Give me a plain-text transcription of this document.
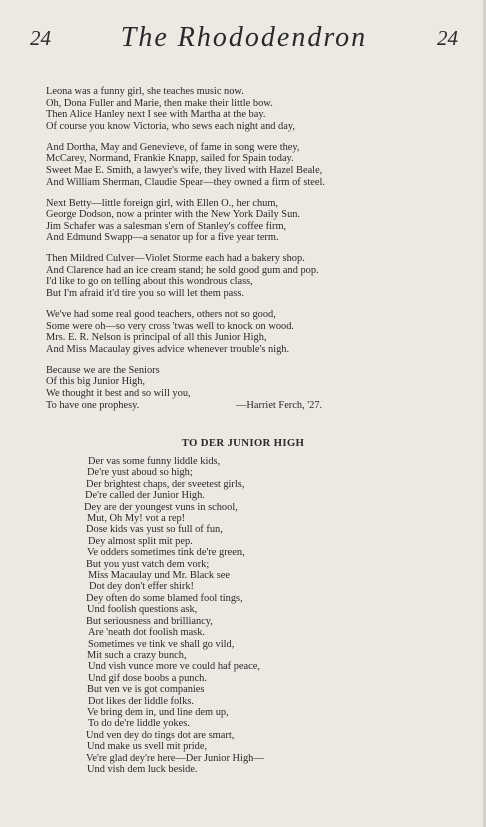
24	The Rhododendron	24
Leona was a funny girl, she teaches music now.
Oh, Dona Fuller and Marie, then make their little bow.
Then Alice Hanley next I see with Martha at the bay.
Of course you know Victoria, who sews each night and day,
And Dortha, May and Genevieve, of fame in song were they,
McCarey, Normand, Frankie Knapp, sailed for Spain today.
Sweet Mae E. Smith, a lawyer's wife, they lived with Hazel Beale,
And William Sherman, Claudie Spear—they owned a firm of steel.
Next Betty—little foreign girl, with Ellen O., her chum,
George Dodson, now a printer with the New York Daily Sun.
Jim Schafer was a salesman s'ern of Stanley's coffee firm,
And Edmund Swapp—a senator up for a five year term.
Then Mildred Culver—Violet Storme each had a bakery shop.
And Clarence had an ice cream stand; he sold good gum and pop.
I'd like to go on telling about this wondrous class,
But I'm afraid it'd tire you so will let them pass.
We've had some real good teachers, others not so good,
Some were oh—so very cross 'twas well to knock on wood.
Mrs. E. R. Nelson is principal of all this Junior High,
And Miss Macaulay gives advice whenever trouble's nigh.
Because we are the Seniors
Of this big Junior High,
We thought it best and so will you,
To have one prophesy.	—Harriet Ferch, '27.
TO DER JUNIOR HIGH
Der vas some funny liddle kids,
De're yust aboud so high;
Der brightest chaps, der sveetest girls,
De're called der Junior High.
Dey are der youngest vuns in school,
Mut, Oh My! vot a rep!
Dose kids vas yust so full of fun,
Dey almost split mit pep.
Ve odders sometimes tink de're green,
But you yust vatch dem vork;
Miss Macaulay und Mr. Black see
Dot dey don't effer shirk!
Dey often do some blamed fool tings,
Und foolish questions ask,
But seriousness and brilliancy,
Are 'neath dot foolish mask.
Sometimes ve tink ve shall go vild,
Mit such a crazy bunch,
Und vish vunce more ve could haf peace,
Und gif dose boobs a punch.
But ven ve is got companies
Dot likes der liddle folks.
Ve bring dem in, und line dem up,
To do de're liddle yokes.
Und ven dey do tings dot are smart,
Und make us svell mit pride,
Ve're glad dey're here—Der Junior High—
Und vish dem luck beside.
